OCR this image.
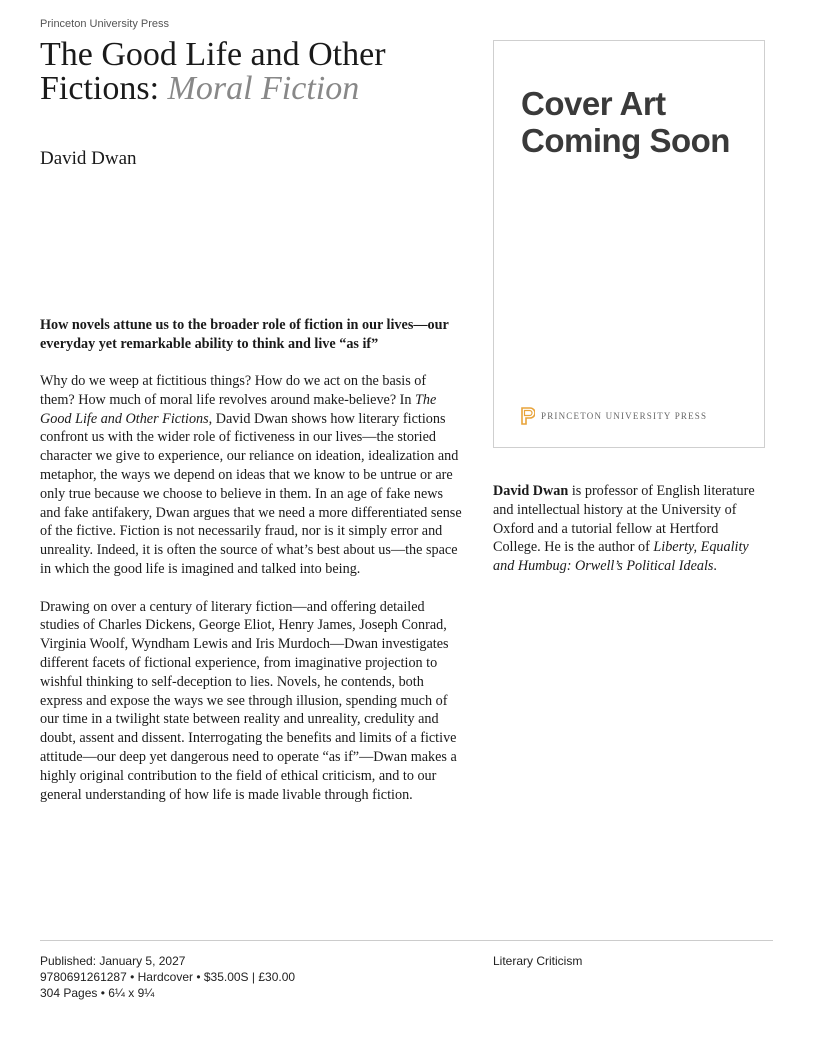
Princeton University Press
The Good Life and Other Fictions: Moral Fiction
David Dwan

How novels attune us to the broader role of fiction in our lives—our everyday yet remarkable ability to think and live “as if”

Why do we weep at fictitious things? How do we act on the basis of them? How much of moral life revolves around make-believe? In The Good Life and Other Fictions, David Dwan shows how literary fictions confront us with the wider role of fictiveness in our lives—the storied character we give to experience, our reliance on ideation, idealization and metaphor, the ways we depend on ideas that we know to be untrue or are only true because we choose to believe in them. In an age of fake news and fake antifakery, Dwan argues that we need a more differentiated sense of the fictive. Fiction is not necessarily fraud, nor is it simply error and unreality. Indeed, it is often the source of what’s best about us—the space in which the good life is imagined and talked into being.

Drawing on over a century of literary fiction—and offering detailed studies of Charles Dickens, George Eliot, Henry James, Joseph Conrad, Virginia Woolf, Wyndham Lewis and Iris Murdoch—Dwan investigates different facets of fictional experience, from imaginative projection to wishful thinking to self-deception to lies. Novels, he contends, both express and expose the ways we see through illusion, spending much of our time in a twilight state between reality and unreality, credulity and doubt, assent and dissent. Interrogating the benefits and limits of a fictive attitude—our deep yet dangerous need to operate “as if”—Dwan makes a highly original contribution to the field of ethical criticism, and to our general understanding of how life is made livable through fiction.

Cover Art
Coming Soon
PRINCETON UNIVERSITY PRESS

David Dwan is professor of English literature and intellectual history at the University of Oxford and a tutorial fellow at Hertford College. He is the author of Liberty, Equality and Humbug: Orwell’s Political Ideals.

Published: January 5, 2027
9780691261287 • Hardcover • $35.00S | £30.00
304 Pages • 6¼ x 9¼
Literary Criticism
